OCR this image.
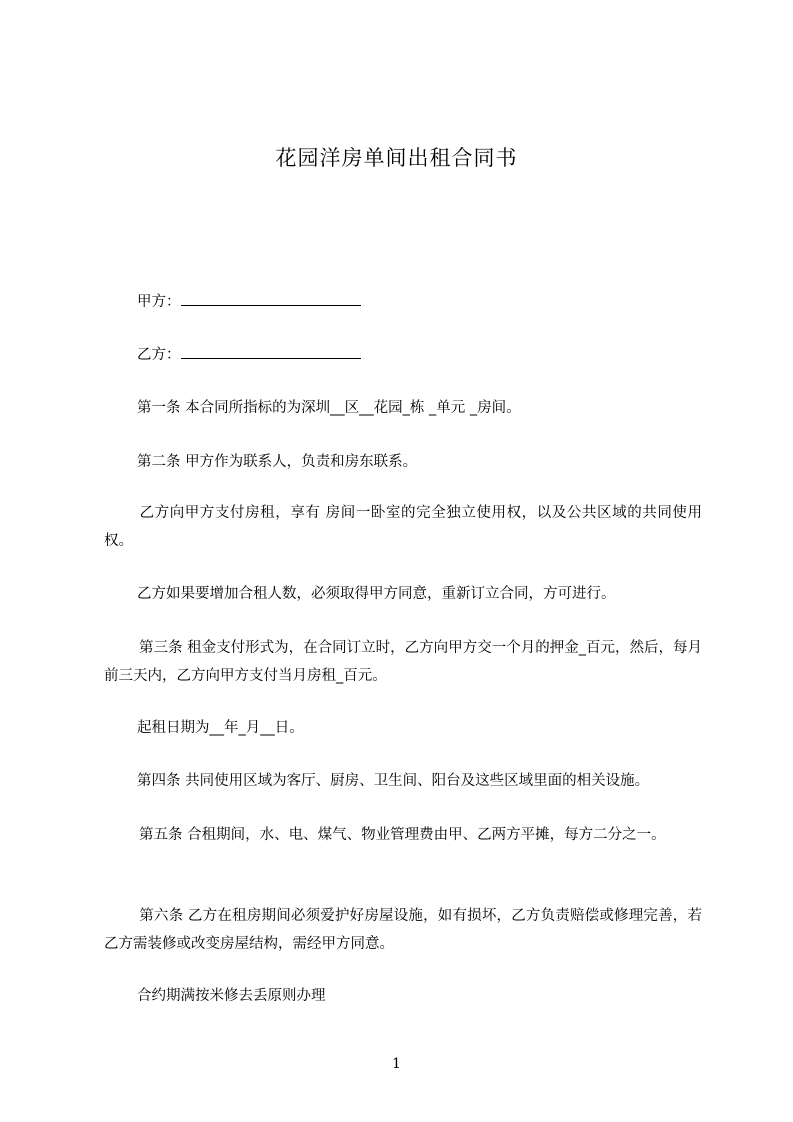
花园洋房单间出租合同书
甲方：
乙方：
第一条 本合同所指标的为深圳__区__花园_栋 _单元 _房间。
第二条 甲方作为联系人，负责和房东联系。
乙方向甲方支付房租，享有 房间一卧室的完全独立使用权，以及公共区域的共同使用权。
乙方如果要增加合租人数，必须取得甲方同意，重新订立合同，方可进行。
第三条 租金支付形式为，在合同订立时，乙方向甲方交一个月的押金_百元，然后，每月前三天内，乙方向甲方支付当月房租_百元。
起租日期为__年_月__日。
第四条 共同使用区域为客厅、厨房、卫生间、阳台及这些区域里面的相关设施。
第五条 合租期间，水、电、煤气、物业管理费由甲、乙两方平摊，每方二分之一。
第六条 乙方在租房期间必须爱护好房屋设施，如有损坏，乙方负责赔偿或修理完善，若乙方需装修或改变房屋结构，需经甲方同意。
合约期满按米修去丢原则办理
1
